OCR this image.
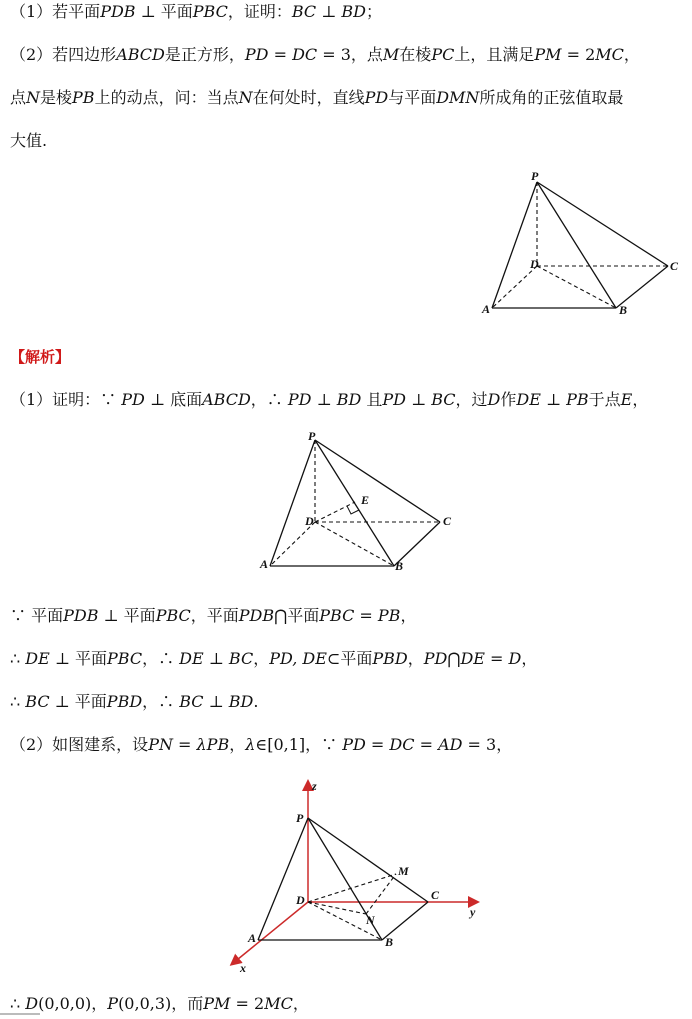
（1）若平面PDB ⊥ 平面PBC，证明：BC ⊥ BD；
（2）若四边形ABCD是正方形，PD = DC = 3，点M在棱PC上，且满足PM = 2MC，
点N是棱PB上的动点，问：当点N在何处时，直线PD与平面DMN所成角的正弦值取最
大值.
P
D	C
A	B
【解析】
（1）证明：∵ PD ⊥ 底面ABCD，∴ PD ⊥ BD 且PD ⊥ BC，过D作DE ⊥ PB于点E，
P
E
D	C
A	B
∵ 平面PDB ⊥ 平面PBC，平面PDB⋂平面PBC = PB，
∴ DE ⊥ 平面PBC，∴ DE ⊥ BC，PD, DE⊂平面PBD，PD⋂DE = D，
∴ BC ⊥ 平面PBD，∴ BC ⊥ BD.
（2）如图建系，设PN = λPB，λ∈[0,1]，∵ PD = DC = AD = 3，
z
P
M
D	C
N
y
A	B
x
∴ D(0,0,0)，P(0,0,3)，而PM = 2MC，
